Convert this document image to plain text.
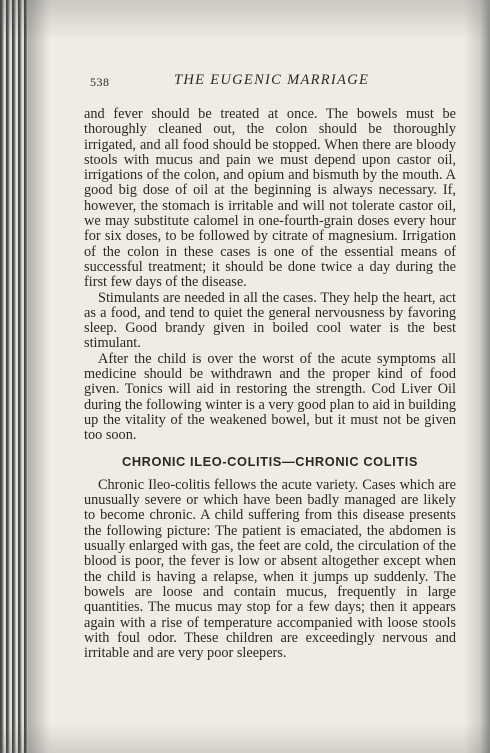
538	THE EUGENIC MARRIAGE

and fever should be treated at once. The bowels must be thoroughly cleaned out, the colon should be thoroughly irrigated, and all food should be stopped. When there are bloody stools with mucus and pain we must depend upon castor oil, irrigations of the colon, and opium and bismuth by the mouth. A good big dose of oil at the beginning is always necessary. If, however, the stomach is irritable and will not tolerate castor oil, we may substitute calomel in one-fourth-grain doses every hour for six doses, to be followed by citrate of magnesium. Irrigation of the colon in these cases is one of the essential means of successful treatment; it should be done twice a day during the first few days of the disease.

Stimulants are needed in all the cases. They help the heart, act as a food, and tend to quiet the general nervousness by favoring sleep. Good brandy given in boiled cool water is the best stimulant.

After the child is over the worst of the acute symptoms all medicine should be withdrawn and the proper kind of food given. Tonics will aid in restoring the strength. Cod Liver Oil during the following winter is a very good plan to aid in building up the vitality of the weakened bowel, but it must not be given too soon.

CHRONIC ILEO-COLITIS—CHRONIC COLITIS

Chronic Ileo-colitis fellows the acute variety. Cases which are unusually severe or which have been badly managed are likely to become chronic. A child suffering from this disease presents the following picture: The patient is emaciated, the abdomen is usually enlarged with gas, the feet are cold, the circulation of the blood is poor, the fever is low or absent altogether except when the child is having a relapse, when it jumps up suddenly. The bowels are loose and contain mucus, frequently in large quantities. The mucus may stop for a few days; then it appears again with a rise of temperature accompanied with loose stools with foul odor. These children are exceedingly nervous and irritable and are very poor sleepers.
